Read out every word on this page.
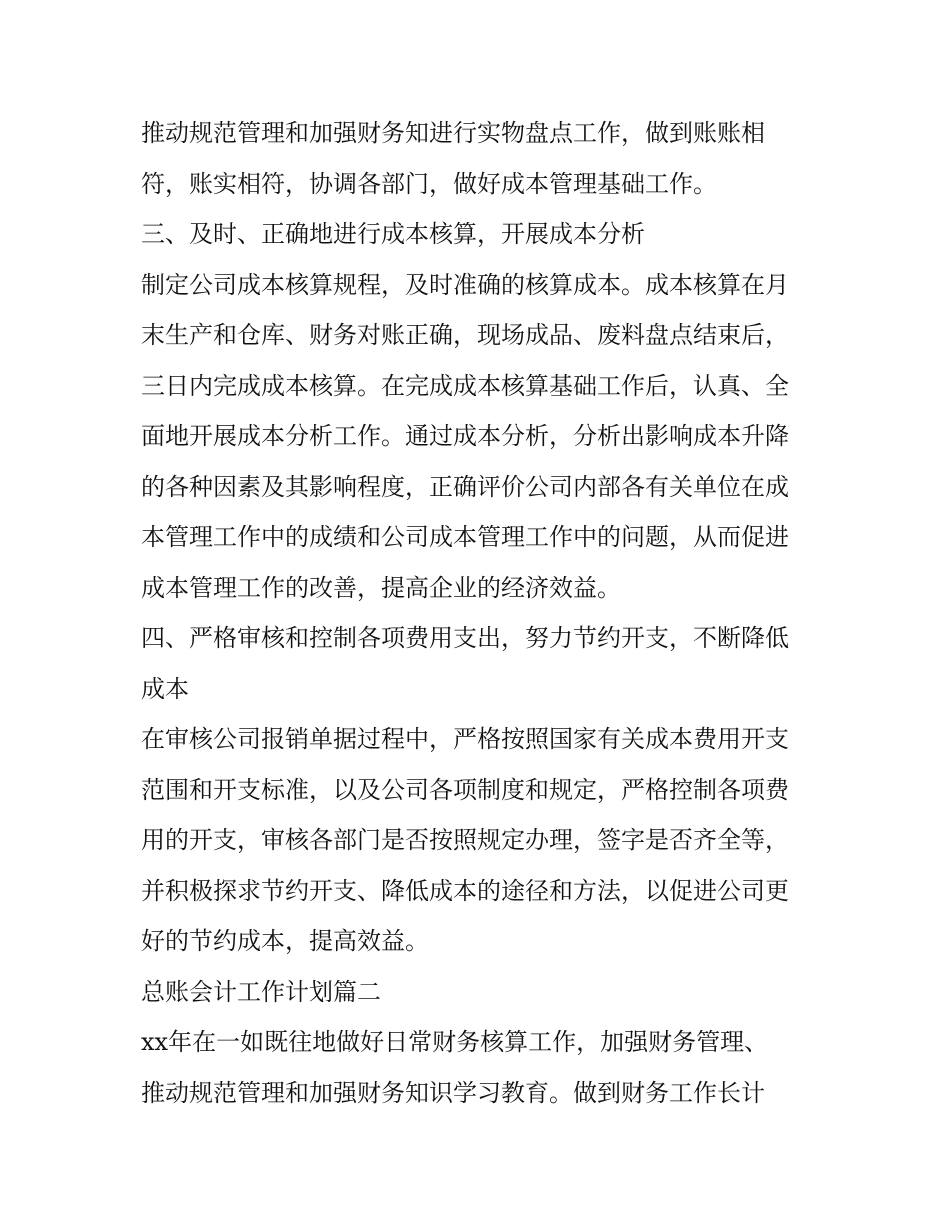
推动规范管理和加强财务知进行实物盘点工作，做到账账相
符，账实相符，协调各部门，做好成本管理基础工作。
三、及时、正确地进行成本核算，开展成本分析
制定公司成本核算规程，及时准确的核算成本。成本核算在月
末生产和仓库、财务对账正确，现场成品、废料盘点结束后，
三日内完成成本核算。在完成成本核算基础工作后，认真、全
面地开展成本分析工作。通过成本分析，分析出影响成本升降
的各种因素及其影响程度，正确评价公司内部各有关单位在成
本管理工作中的成绩和公司成本管理工作中的问题，从而促进
成本管理工作的改善，提高企业的经济效益。
四、严格审核和控制各项费用支出，努力节约开支，不断降低
成本
在审核公司报销单据过程中，严格按照国家有关成本费用开支
范围和开支标准，以及公司各项制度和规定，严格控制各项费
用的开支，审核各部门是否按照规定办理，签字是否齐全等，
并积极探求节约开支、降低成本的途径和方法，以促进公司更
好的节约成本，提高效益。
总账会计工作计划篇二
xx年在一如既往地做好日常财务核算工作，加强财务管理、
推动规范管理和加强财务知识学习教育。做到财务工作长计
